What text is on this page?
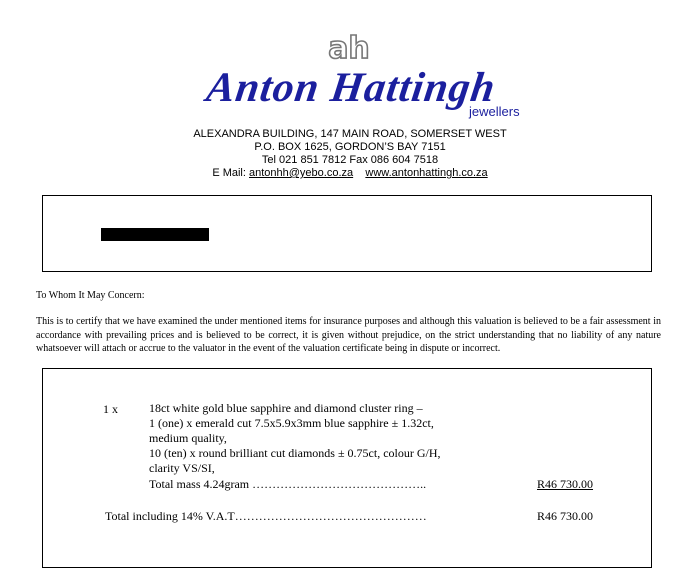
ah
Anton Hattingh
jewellers
ALEXANDRA BUILDING, 147 MAIN ROAD, SOMERSET WEST
P.O. BOX 1625, GORDON’S BAY 7151
Tel 021 851 7812 Fax 086 604 7518
E Mail: antonhh@yebo.co.za www.antonhattingh.co.za
To Whom It May Concern:
This is to certify that we have examined the under mentioned items for insurance purposes and although this valuation is believed to be a fair assessment in accordance with prevailing prices and is believed to be correct, it is given without prejudice, on the strict understanding that no liability of any nature whatsoever will attach or accrue to the valuator in the event of the valuation certificate being in dispute or incorrect.
1 x	18ct white gold blue sapphire and diamond cluster ring –
1 (one) x emerald cut 7.5x5.9x3mm blue sapphire ± 1.32ct,
medium quality,
10 (ten) x round brilliant cut diamonds ± 0.75ct, colour G/H,
clarity VS/SI,
Total mass 4.24gram ……………………………………..	R46 730.00
Total including 14% V.A.T…………………………………………	R46 730.00
